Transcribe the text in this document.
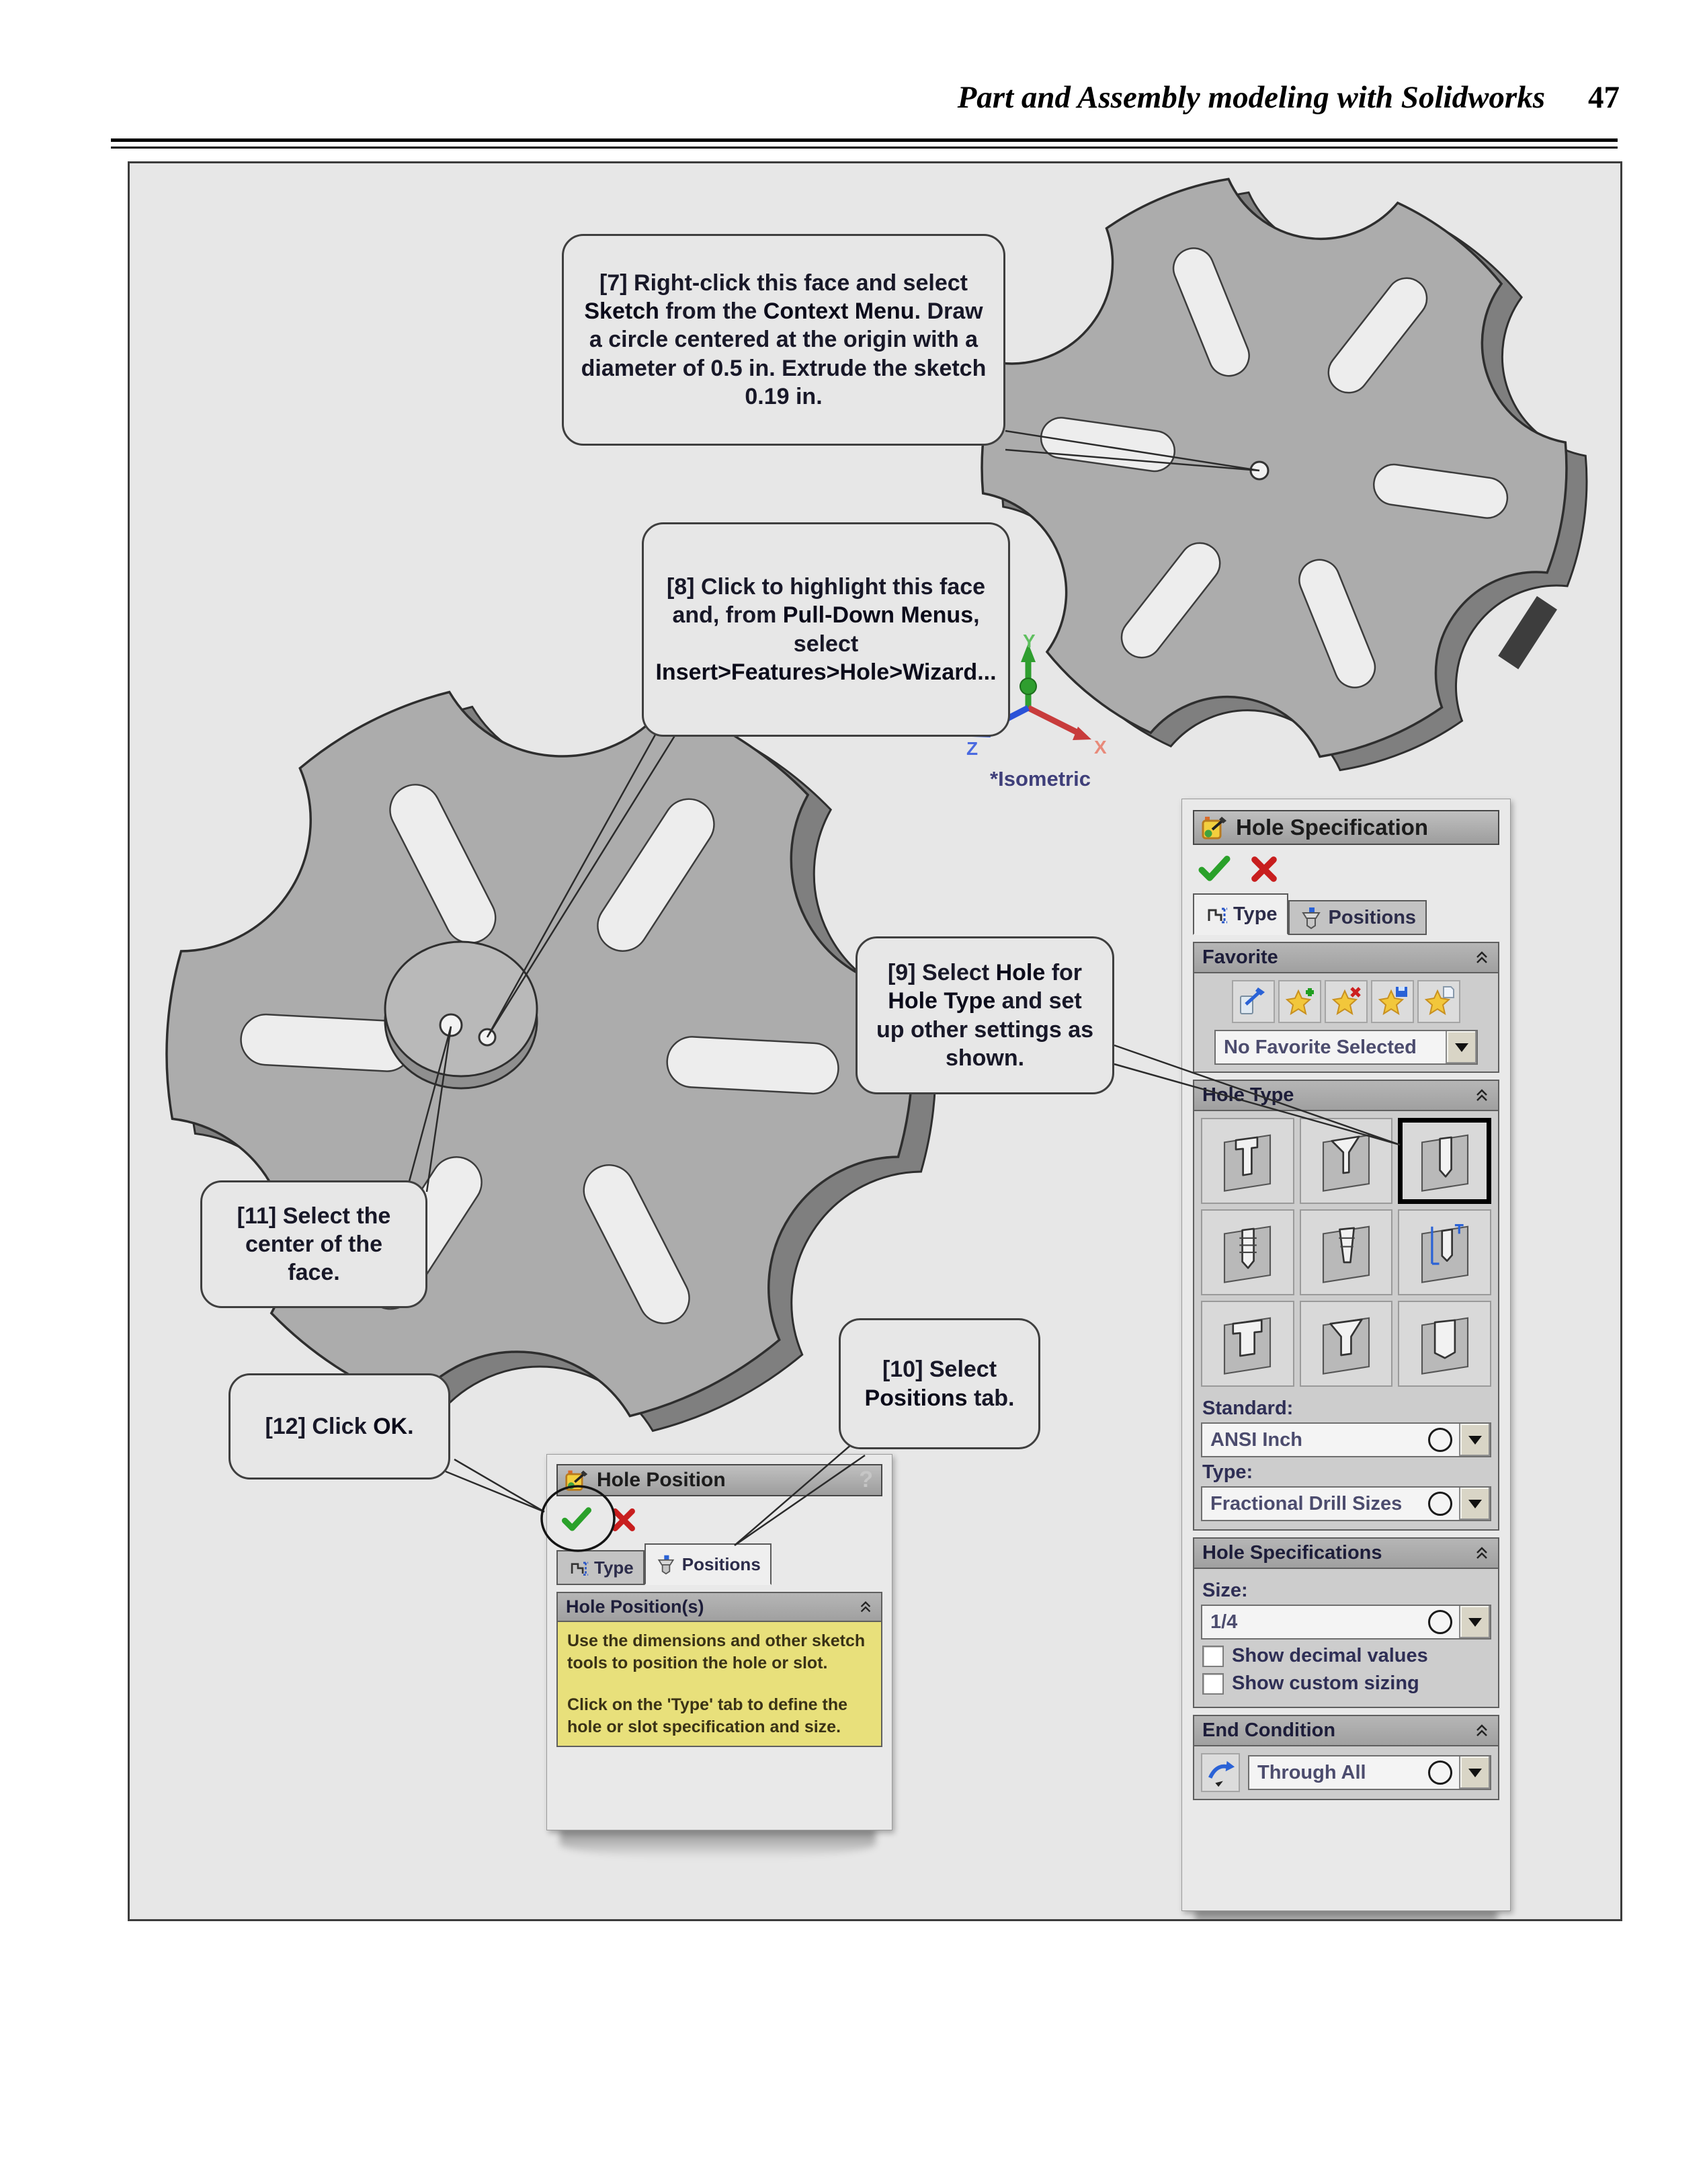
Part and Assembly modeling with Solidworks 47
Y
X
Z
*Isometric
[7] Right-click this face and select Sketch from the Context Menu. Draw a circle centered at the origin with a diameter of 0.5 in. Extrude the sketch 0.19 in.
[8] Click to highlight this face and, from Pull-Down Menus, select Insert>Features>Hole>Wizard...
[9] Select Hole for Hole Type and set up other settings as shown.
[10] Select Positions tab.
[11] Select the center of the face.
[12] Click OK.
Hole Specification
Type	Positions
Favorite
No Favorite Selected
Hole Type
Standard:
ANSI Inch
Type:
Fractional Drill Sizes
Hole Specifications
Size:
1/4
Show decimal values
Show custom sizing
End Condition
Through All
Hole Position	?
Type	Positions
Hole Position(s)

Use the dimensions and other sketch tools to position the hole or slot.

Click on the 'Type' tab to define the hole or slot specification and size.
